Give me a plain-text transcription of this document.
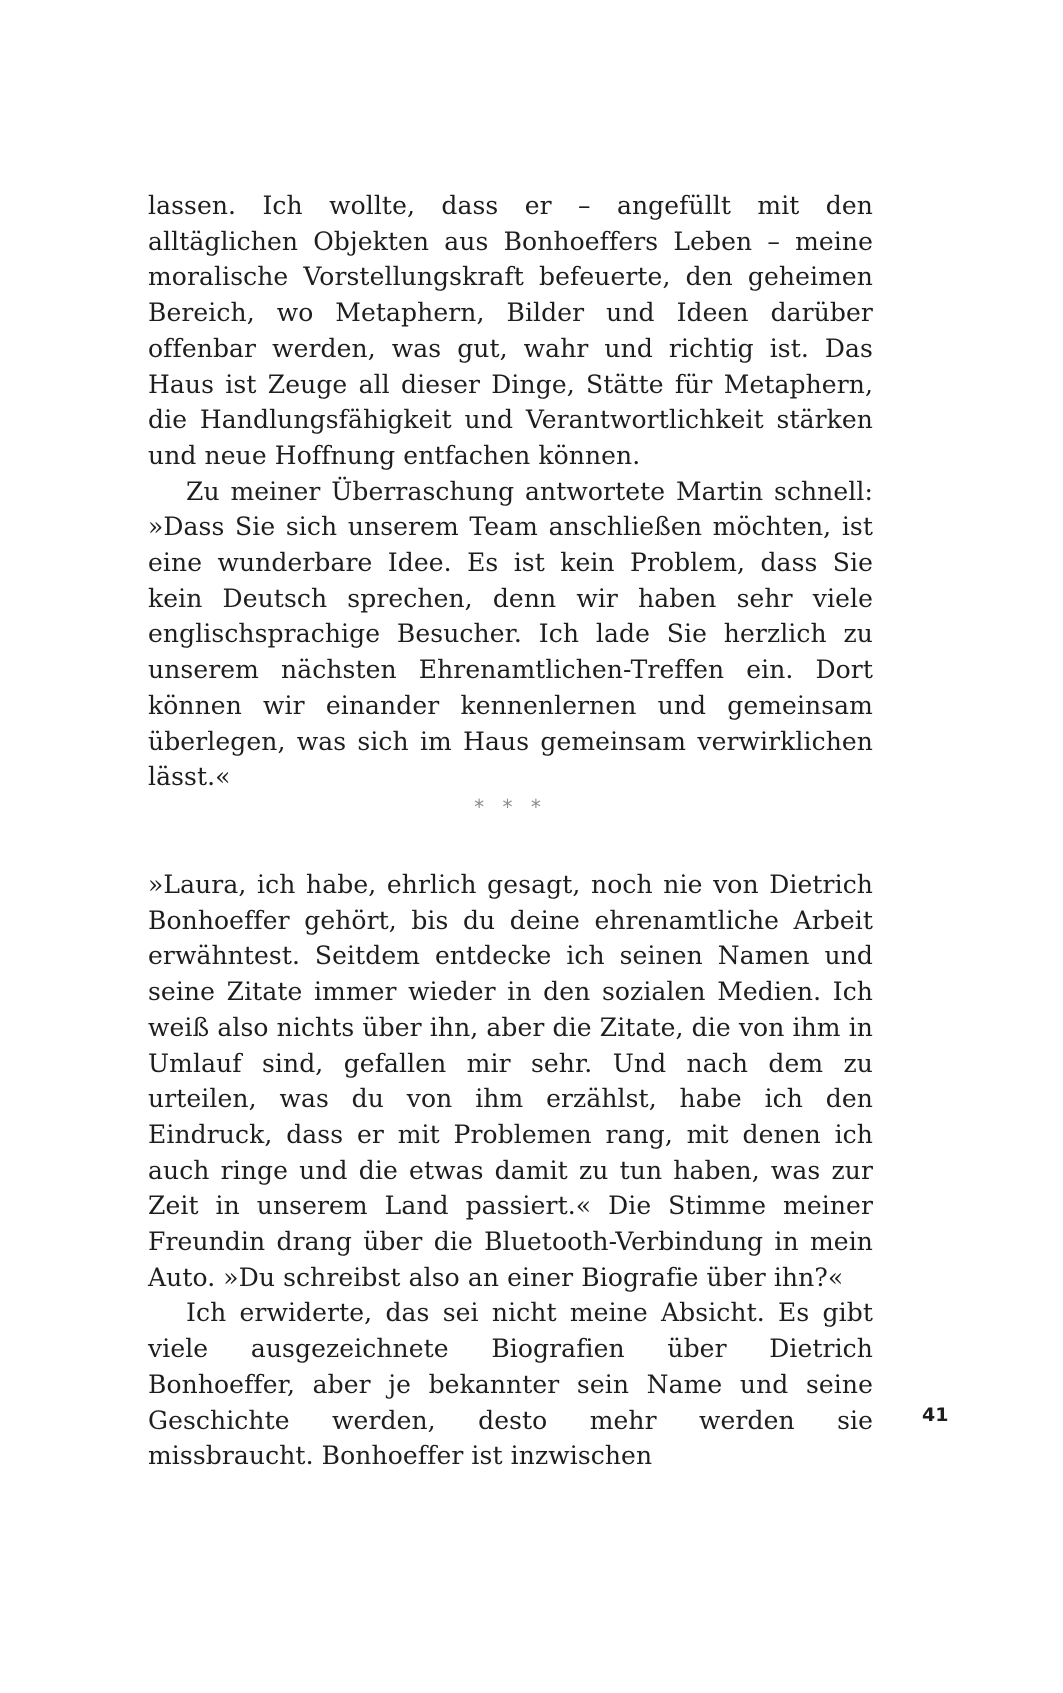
lassen. Ich wollte, dass er – angefüllt mit den alltäglichen Objekten aus Bonhoeffers Leben – meine moralische Vorstellungskraft befeuerte, den geheimen Bereich, wo Metaphern, Bilder und Ideen darüber offenbar werden, was gut, wahr und richtig ist. Das Haus ist Zeuge all dieser Dinge, Stätte für Metaphern, die Handlungsfähigkeit und Verantwortlichkeit stärken und neue Hoffnung entfachen können.

Zu meiner Überraschung antwortete Martin schnell: »Dass Sie sich unserem Team anschließen möchten, ist eine wunderbare Idee. Es ist kein Problem, dass Sie kein Deutsch sprechen, denn wir haben sehr viele englischsprachige Besucher. Ich lade Sie herzlich zu unserem nächsten Ehrenamtlichen-Treffen ein. Dort können wir einander kennenlernen und gemeinsam überlegen, was sich im Haus gemeinsam verwirklichen lässt.«

* * *

»Laura, ich habe, ehrlich gesagt, noch nie von Dietrich Bonhoeffer gehört, bis du deine ehrenamtliche Arbeit erwähntest. Seitdem entdecke ich seinen Namen und seine Zitate immer wieder in den sozialen Medien. Ich weiß also nichts über ihn, aber die Zitate, die von ihm in Umlauf sind, gefallen mir sehr. Und nach dem zu urteilen, was du von ihm erzählst, habe ich den Eindruck, dass er mit Problemen rang, mit denen ich auch ringe und die etwas damit zu tun haben, was zur Zeit in unserem Land passiert.« Die Stimme meiner Freundin drang über die Bluetooth-Verbindung in mein Auto. »Du schreibst also an einer Biografie über ihn?«

Ich erwiderte, das sei nicht meine Absicht. Es gibt viele ausgezeichnete Biografien über Dietrich Bonhoeffer, aber je bekannter sein Name und seine Geschichte werden, desto mehr werden sie missbraucht. Bonhoeffer ist inzwischen

41
